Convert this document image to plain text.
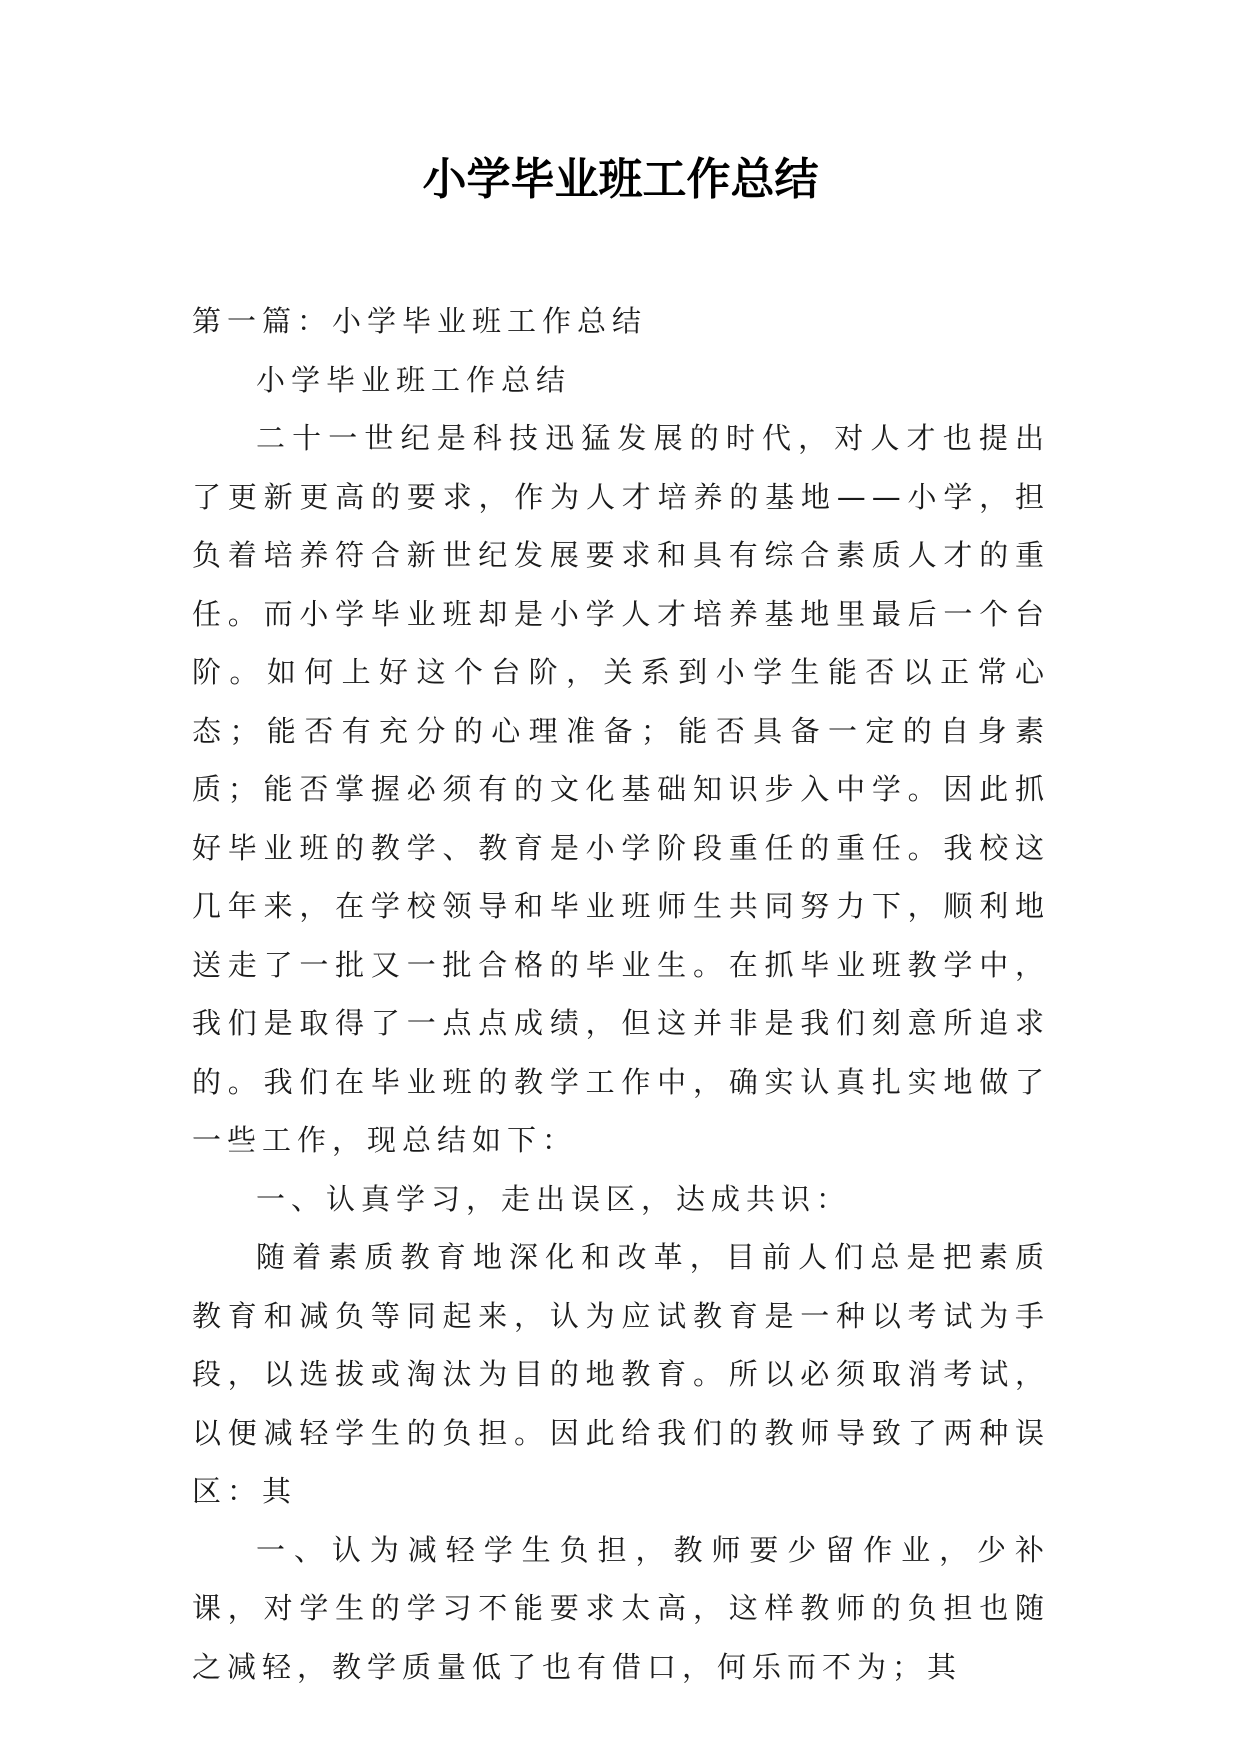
小学毕业班工作总结

第一篇：小学毕业班工作总结

小学毕业班工作总结

二十一世纪是科技迅猛发展的时代，对人才也提出了更新更高的要求，作为人才培养的基地——小学，担负着培养符合新世纪发展要求和具有综合素质人才的重任。而小学毕业班却是小学人才培养基地里最后一个台阶。如何上好这个台阶，关系到小学生能否以正常心态；能否有充分的心理准备；能否具备一定的自身素质；能否掌握必须有的文化基础知识步入中学。因此抓好毕业班的教学、教育是小学阶段重任的重任。我校这几年来，在学校领导和毕业班师生共同努力下，顺利地送走了一批又一批合格的毕业生。在抓毕业班教学中，我们是取得了一点点成绩，但这并非是我们刻意所追求的。我们在毕业班的教学工作中，确实认真扎实地做了一些工作，现总结如下：

一、认真学习，走出误区，达成共识：

随着素质教育地深化和改革，目前人们总是把素质教育和减负等同起来，认为应试教育是一种以考试为手段，以选拔或淘汰为目的地教育。所以必须取消考试，以便减轻学生的负担。因此给我们的教师导致了两种误区：其

一、认为减轻学生负担，教师要少留作业，少补课，对学生的学习不能要求太高，这样教师的负担也随之减轻，教学质量低了也有借口，何乐而不为；其
